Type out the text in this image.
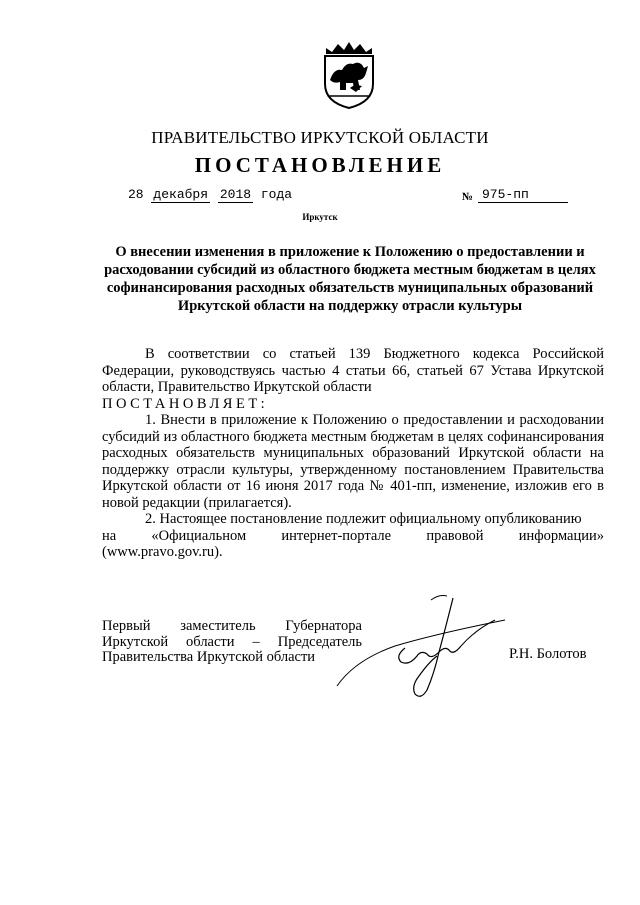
ПРАВИТЕЛЬСТВО ИРКУТСКОЙ ОБЛАСТИ
ПОСТАНОВЛЕНИЕ
28 декабря 2018 года	№ 975-пп
Иркутск
О внесении изменения в приложение к Положению о предоставлении и расходовании субсидий из областного бюджета местным бюджетам в целях софинансирования расходных обязательств муниципальных образований Иркутской области на поддержку отрасли культуры

В соответствии со статьей 139 Бюджетного кодекса Российской Федерации, руководствуясь частью 4 статьи 66, статьей 67 Устава Иркутской области, Правительство Иркутской области

ПОСТАНОВЛЯЕТ:

1. Внести в приложение к Положению о предоставлении и расходовании субсидий из областного бюджета местным бюджетам в целях софинансирования расходных обязательств муниципальных образований Иркутской области на поддержку отрасли культуры, утвержденному постановлением Правительства Иркутской области от 16 июня 2017 года № 401-пп, изменение, изложив его в новой редакции (прилагается).

2. Настоящее постановление подлежит официальному опубликованию

на «Официальном интернет-портале правовой информации»

(www.pravo.gov.ru).

Первый заместитель Губернатора
Иркутской области – Председатель
Правительства Иркутской области	Р.Н. Болотов
